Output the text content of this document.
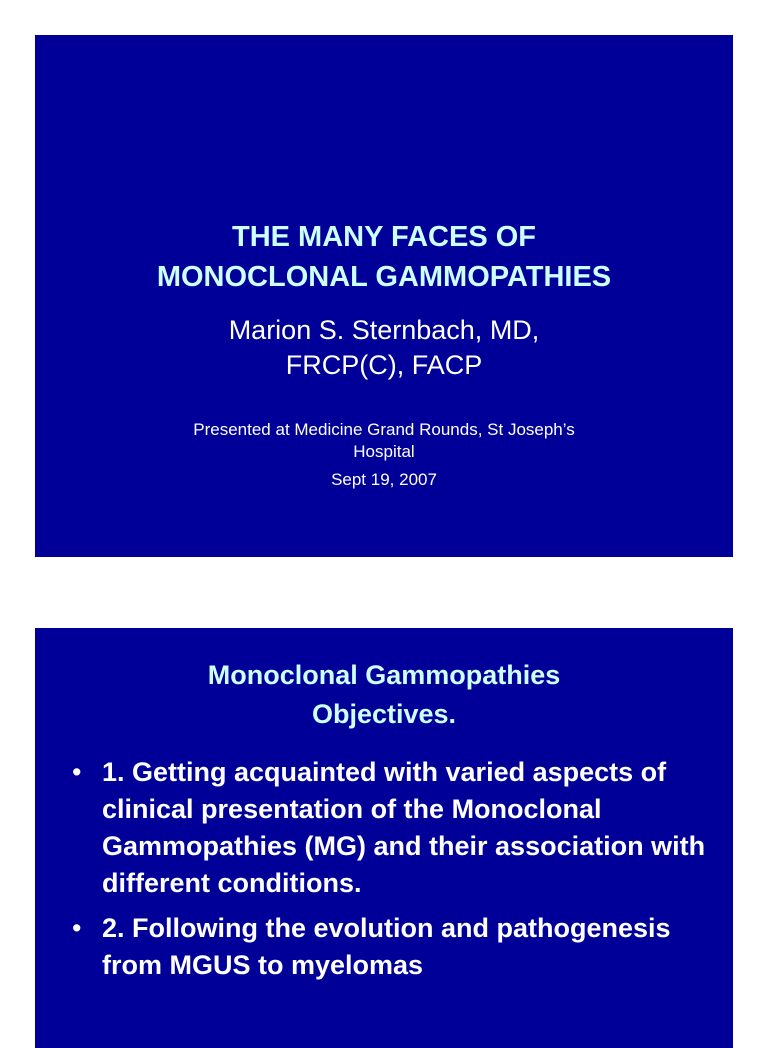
THE MANY FACES OF
MONOCLONAL GAMMOPATHIES
Marion S. Sternbach, MD,
FRCP(C), FACP
Presented at Medicine Grand Rounds, St Joseph’s
Hospital
Sept 19, 2007
Monoclonal Gammopathies
Objectives.
• 1. Getting acquainted with varied aspects of clinical presentation of the Monoclonal Gammopathies (MG) and their association with different conditions.
• 2. Following the evolution and pathogenesis from MGUS to myelomas
